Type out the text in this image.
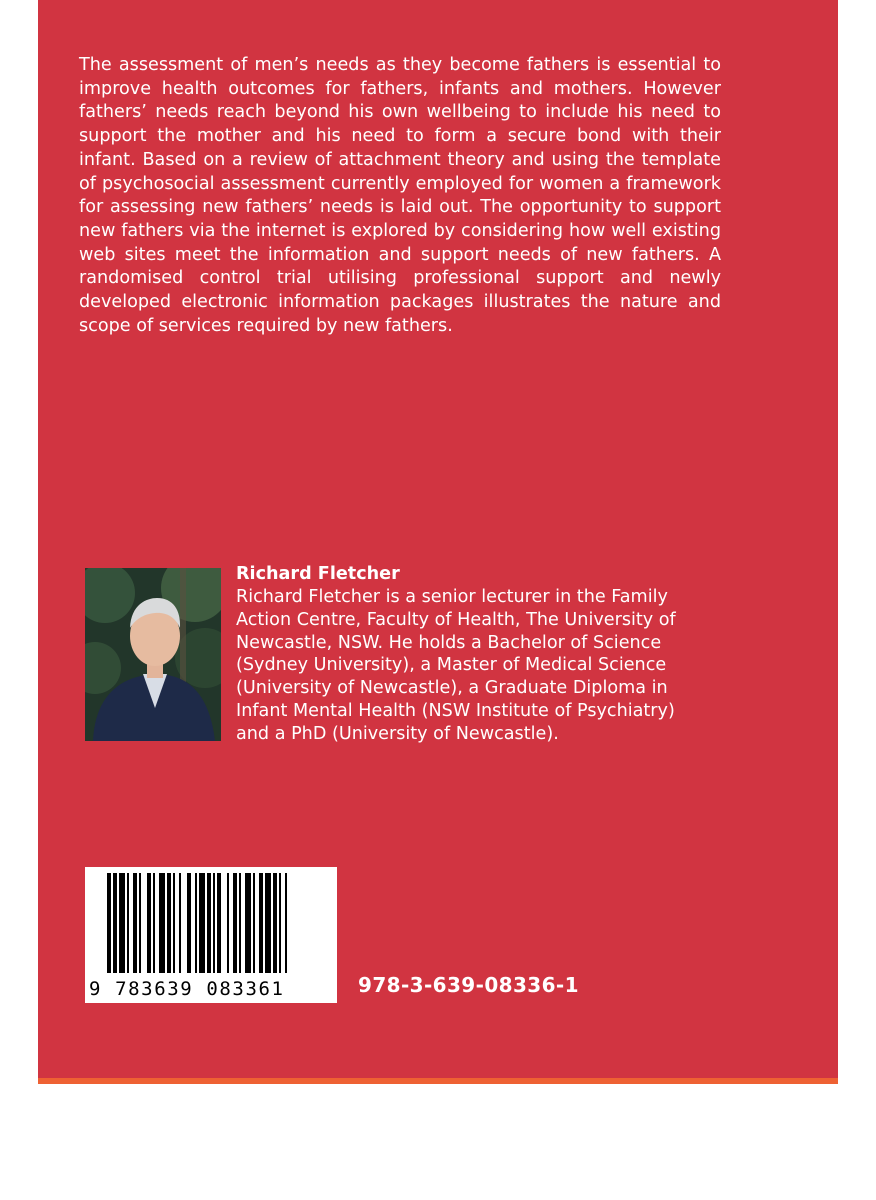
The assessment of men’s needs as they become fathers is essential to improve health outcomes for fathers, infants and mothers. However fathers’ needs reach beyond his own wellbeing to include his need to support the mother and his need to form a secure bond with their infant. Based on a review of attachment theory and using the template of psychosocial assessment currently employed for women a framework for assessing new fathers’ needs is laid out. The opportunity to support new fathers via the internet is explored by considering how well existing web sites meet the information and support needs of new fathers. A randomised control trial utilising professional support and newly developed electronic information packages illustrates the nature and scope of services required by new fathers.

Richard Fletcher

Richard Fletcher is a senior lecturer in the Family Action Centre, Faculty of Health, The University of Newcastle, NSW. He holds a Bachelor of Science (Sydney University), a Master of Medical Science (University of Newcastle), a Graduate Diploma in Infant Mental Health (NSW Institute of Psychiatry) and a PhD (University of Newcastle).

9 783639 083361	978-3-639-08336-1
